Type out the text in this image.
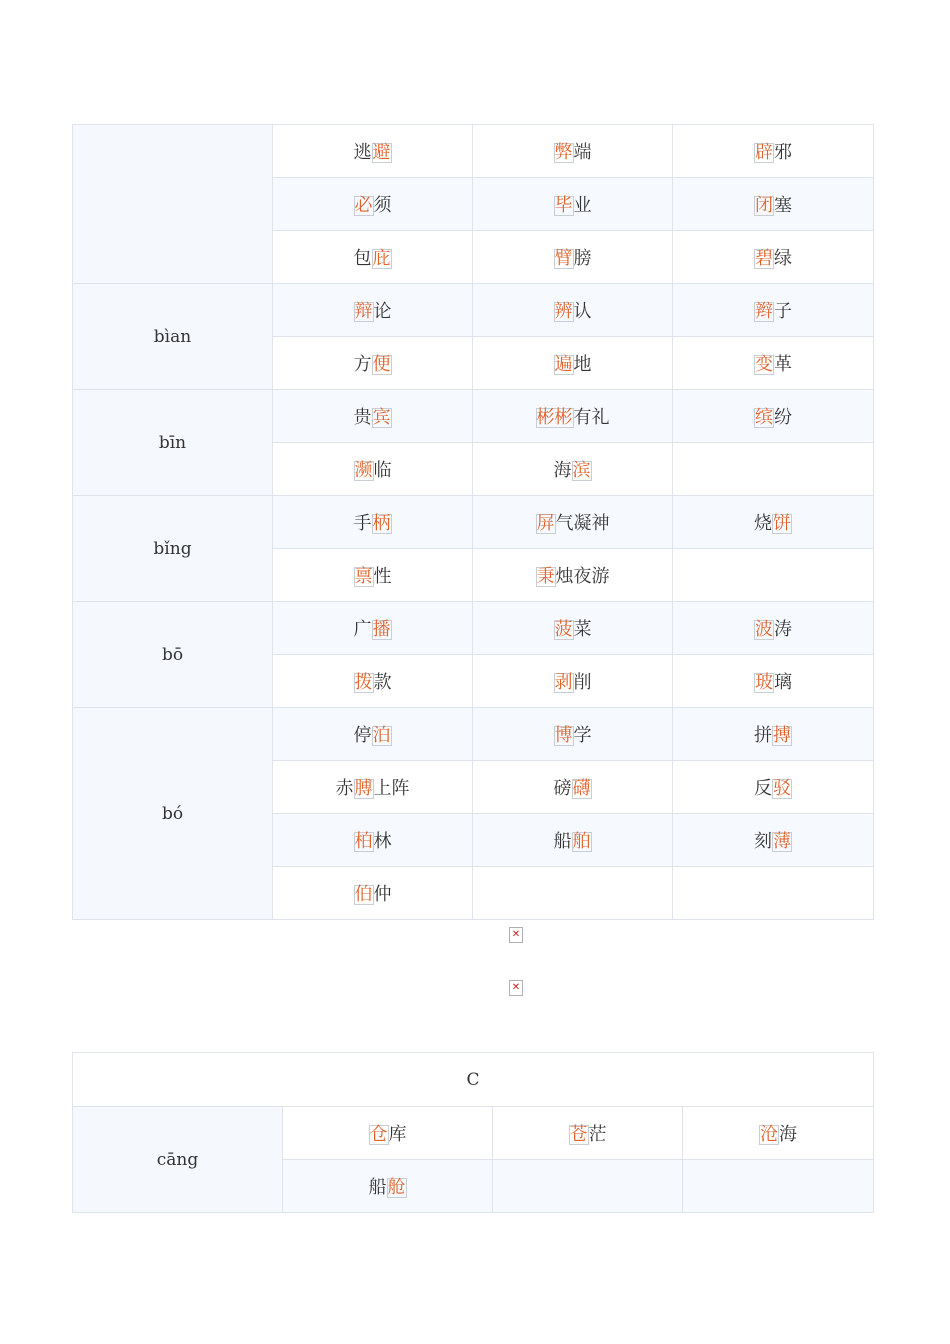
	逃避	弊端	辟邪
	必须	毕业	闭塞
	包庇	臂膀	碧绿
bìan	辩论	辨认	辫子
	方便	遍地	变革
bīn	贵宾	彬彬有礼	缤纷
	濒临	海滨	
bǐng	手柄	屏气凝神	烧饼
	禀性	秉烛夜游	
bō	广播	菠菜	波涛
	拨款	剥削	玻璃
bó	停泊	博学	拼搏
	赤膊上阵	磅礴	反驳
	柏林	船舶	刻薄
	伯仲		
✕
✕
C			
cāng	仓库	苍茫	沧海
	船舱		
